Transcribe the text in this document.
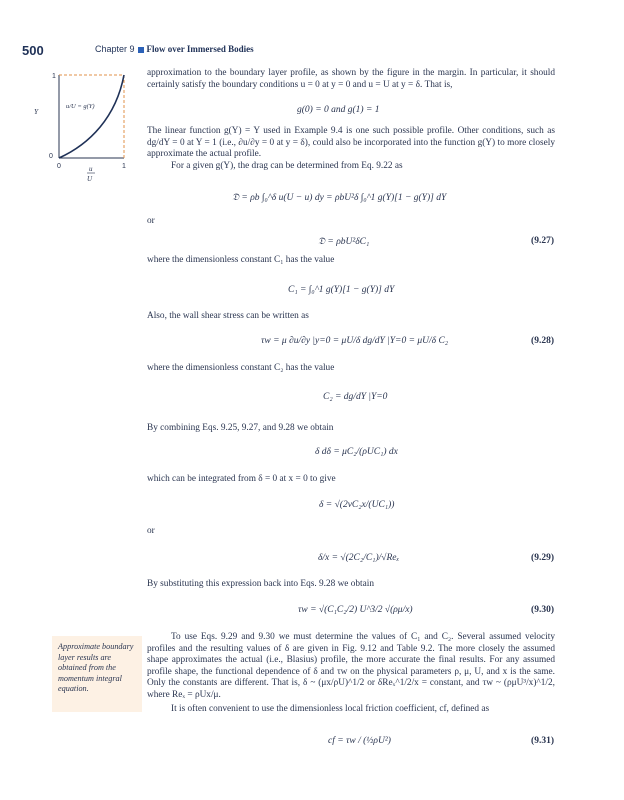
500	Chapter 9 Flow over Immersed Bodies
1
0
Y
0	1
u
U
u/U = g(Y)
approximation to the boundary layer profile, as shown by the figure in the margin. In particular, it should certainly satisfy the boundary conditions u = 0 at y = 0 and u = U at y = δ. That is,
g(0) = 0 and g(1) = 1
The linear function g(Y) = Y used in Example 9.4 is one such possible profile. Other conditions, such as dg/dY = 0 at Y = 1 (i.e., ∂u/∂y = 0 at y = δ), could also be incorporated into the function g(Y) to more closely approximate the actual profile.
For a given g(Y), the drag can be determined from Eq. 9.22 as
𝔇 = ρb ∫₀^δ u(U − u) dy = ρbU²δ ∫₀^1 g(Y)[1 − g(Y)] dY
or
𝔇 = ρbU²δC₁	(9.27)
where the dimensionless constant C₁ has the value
C₁ = ∫₀^1 g(Y)[1 − g(Y)] dY
Also, the wall shear stress can be written as
τw = μ ∂u/∂y |y=0 = μU/δ dg/dY |Y=0 = μU/δ C₂	(9.28)
where the dimensionless constant C₂ has the value
C₂ = dg/dY |Y=0
By combining Eqs. 9.25, 9.27, and 9.28 we obtain
δ dδ = μC₂/(ρUC₁) dx
which can be integrated from δ = 0 at x = 0 to give
δ = √(2νC₂x/(UC₁))
or
δ/x = √(2C₂/C₁)/√Reₓ	(9.29)
By substituting this expression back into Eqs. 9.28 we obtain
τw = √(C₁C₂/2) U^3/2 √(ρμ/x)	(9.30)
Approximate boundary layer results are obtained from the momentum integral equation.
To use Eqs. 9.29 and 9.30 we must determine the values of C₁ and C₂. Several assumed velocity profiles and the resulting values of δ are given in Fig. 9.12 and Table 9.2. The more closely the assumed shape approximates the actual (i.e., Blasius) profile, the more accurate the final results. For any assumed profile shape, the functional dependence of δ and τw on the physical parameters ρ, μ, U, and x is the same. Only the constants are different. That is, δ ~ (μx/ρU)^1/2 or δReₓ^1/2/x = constant, and τw ~ (ρμU³/x)^1/2, where Reₓ = ρUx/μ.
It is often convenient to use the dimensionless local friction coefficient, cf, defined as
cf = τw / (½ρU²)	(9.31)
